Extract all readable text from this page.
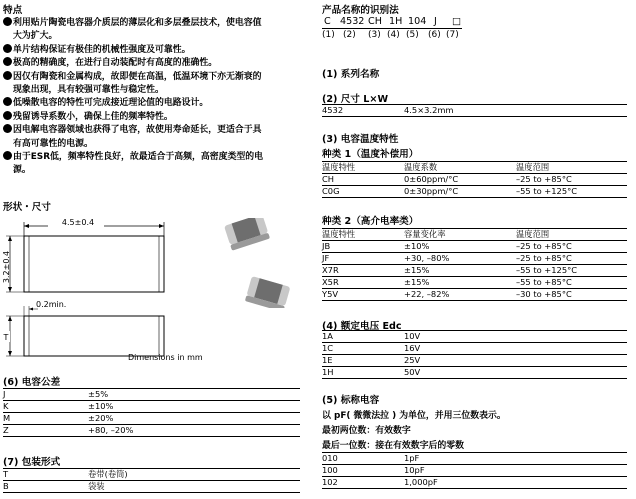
特点
利用贴片陶瓷电容器介质层的薄层化和多层叠层技术，使电容值
大为扩大。
单片结构保证有极佳的机械性强度及可靠性。
极高的精确度，在进行自动装配时有高度的准确性。
因仅有陶瓷和金属构成，故即便在高温，低温环境下亦无渐衰的
现象出现，具有较强可靠性与稳定性。
低噪散电容的特性可完成接近理论值的电路设计。
残留诱导系数小，确保上佳的频率特性。
因电解电容器领域也获得了电容，故使用寿命延长，更适合于具
有高可靠性的电源。
由于ESR低，频率特性良好，故最适合于高频，高密度类型的电
源。
形状・尺寸
4.5±0.4
3.2±0.4
0.2min.
T
Dimensions in mm
(6) 电容公差
J	±5%
K	±10%
M	±20%
Z	+80, –20%
(7) 包装形式
T	卷带(卷筒)
B	袋装
产品名称的识别法
C 4532 CH 1H 104 J □
(1) (2) (3) (4) (5) (6) (7)
(1) 系列名称
(2) 尺寸 L×W
4532	4.5×3.2mm
(3) 电容温度特性
种类 1（温度补偿用）
温度特性	温度系数	温度范围
CH	0±60ppm/°C	–25 to +85°C
C0G	0±30ppm/°C	–55 to +125°C
种类 2（高介电率类）
温度特性	容量变化率	温度范围
JB	±10%	–25 to +85°C
JF	+30, –80%	–25 to +85°C
X7R	±15%	–55 to +125°C
X5R	±15%	–55 to +85°C
Y5V	+22, –82%	–30 to +85°C
(4) 额定电压 Edc
1A	10V
1C	16V
1E	25V
1H	50V
(5) 标称电容
以 pF( 微微法拉 ) 为单位，并用三位数表示。
最初两位数：有效数字
最后一位数：接在有效数字后的零数
010	1pF
100	10pF
102	1,000pF
